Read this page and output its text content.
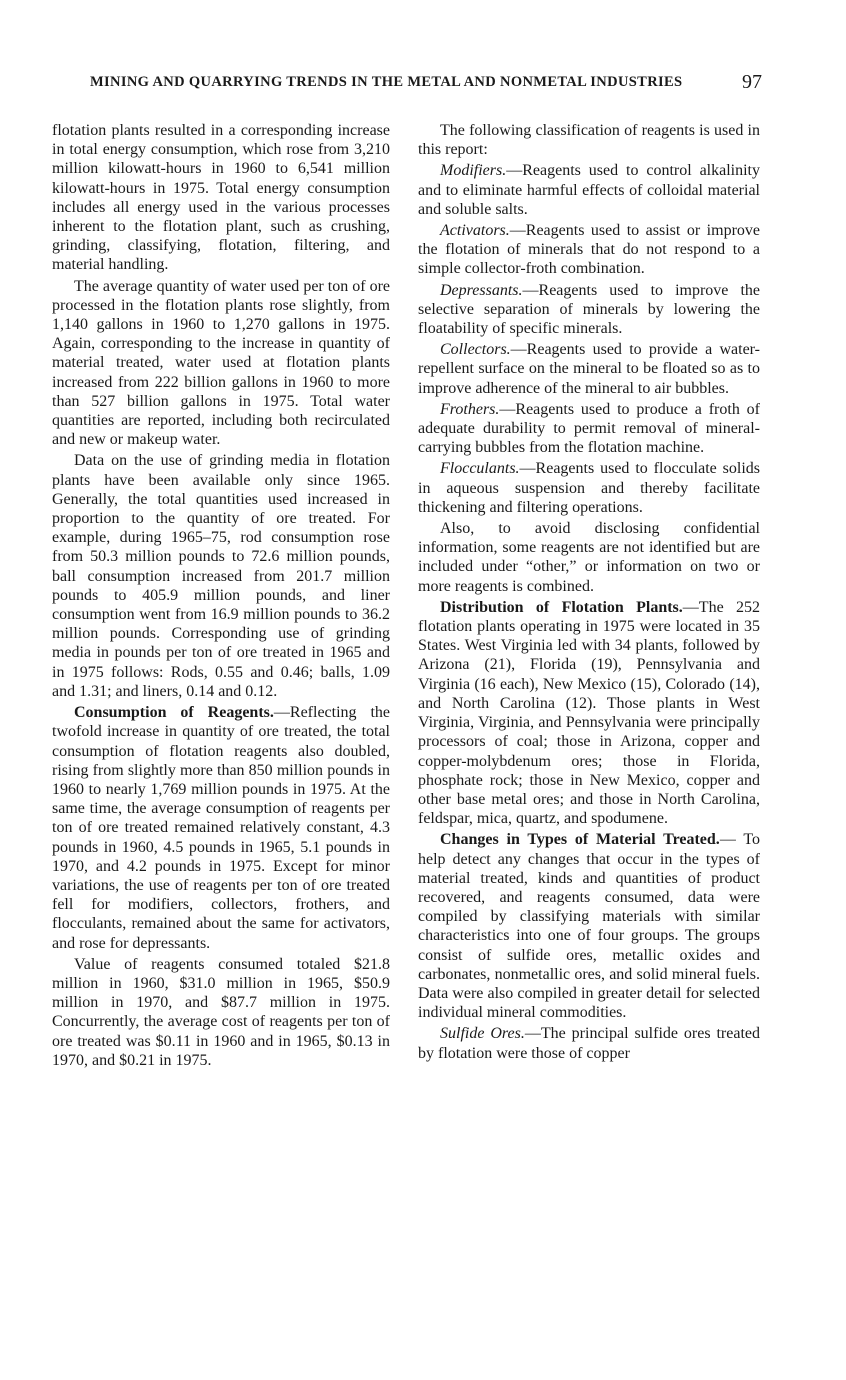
MINING AND QUARRYING TRENDS IN THE METAL AND NONMETAL INDUSTRIES	97

flotation plants resulted in a corresponding increase in total energy consumption, which rose from 3,210 million kilowatt-hours in 1960 to 6,541 million kilowatt-hours in 1975. Total energy consumption includes all energy used in the various processes inherent to the flotation plant, such as crushing, grinding, classifying, flotation, filtering, and material handling.

The average quantity of water used per ton of ore processed in the flotation plants rose slightly, from 1,140 gallons in 1960 to 1,270 gallons in 1975. Again, corresponding to the increase in quantity of material treated, water used at flotation plants increased from 222 billion gallons in 1960 to more than 527 billion gallons in 1975. Total water quantities are reported, including both recirculated and new or makeup water.

Data on the use of grinding media in flotation plants have been available only since 1965. Generally, the total quantities used increased in proportion to the quantity of ore treated. For example, during 1965–75, rod consumption rose from 50.3 million pounds to 72.6 million pounds, ball consumption increased from 201.7 million pounds to 405.9 million pounds, and liner consumption went from 16.9 million pounds to 36.2 million pounds. Corresponding use of grinding media in pounds per ton of ore treated in 1965 and in 1975 follows: Rods, 0.55 and 0.46; balls, 1.09 and 1.31; and liners, 0.14 and 0.12.

Consumption of Reagents.—Reflecting the twofold increase in quantity of ore treated, the total consumption of flotation reagents also doubled, rising from slightly more than 850 million pounds in 1960 to nearly 1,769 million pounds in 1975. At the same time, the average consumption of reagents per ton of ore treated remained relatively constant, 4.3 pounds in 1960, 4.5 pounds in 1965, 5.1 pounds in 1970, and 4.2 pounds in 1975. Except for minor variations, the use of reagents per ton of ore treated fell for modifiers, collectors, frothers, and flocculants, remained about the same for activators, and rose for depressants.

Value of reagents consumed totaled $21.8 million in 1960, $31.0 million in 1965, $50.9 million in 1970, and $87.7 million in 1975. Concurrently, the average cost of reagents per ton of ore treated was $0.11 in 1960 and in 1965, $0.13 in 1970, and $0.21 in 1975.

The following classification of reagents is used in this report:

Modifiers.—Reagents used to control alkalinity and to eliminate harmful effects of colloidal material and soluble salts.

Activators.—Reagents used to assist or improve the flotation of minerals that do not respond to a simple collector-froth combination.

Depressants.—Reagents used to improve the selective separation of minerals by lowering the floatability of specific minerals.

Collectors.—Reagents used to provide a water-repellent surface on the mineral to be floated so as to improve adherence of the mineral to air bubbles.

Frothers.—Reagents used to produce a froth of adequate durability to permit removal of mineral-carrying bubbles from the flotation machine.

Flocculants.—Reagents used to flocculate solids in aqueous suspension and thereby facilitate thickening and filtering operations.

Also, to avoid disclosing confidential information, some reagents are not identified but are included under “other,” or information on two or more reagents is combined.

Distribution of Flotation Plants.—The 252 flotation plants operating in 1975 were located in 35 States. West Virginia led with 34 plants, followed by Arizona (21), Florida (19), Pennsylvania and Virginia (16 each), New Mexico (15), Colorado (14), and North Carolina (12). Those plants in West Virginia, Virginia, and Pennsylvania were principally processors of coal; those in Arizona, copper and copper-molybdenum ores; those in Florida, phosphate rock; those in New Mexico, copper and other base metal ores; and those in North Carolina, feldspar, mica, quartz, and spodumene.

Changes in Types of Material Treated.— To help detect any changes that occur in the types of material treated, kinds and quantities of product recovered, and reagents consumed, data were compiled by classifying materials with similar characteristics into one of four groups. The groups consist of sulfide ores, metallic oxides and carbonates, nonmetallic ores, and solid mineral fuels. Data were also compiled in greater detail for selected individual mineral commodities.

Sulfide Ores.—The principal sulfide ores treated by flotation were those of copper
